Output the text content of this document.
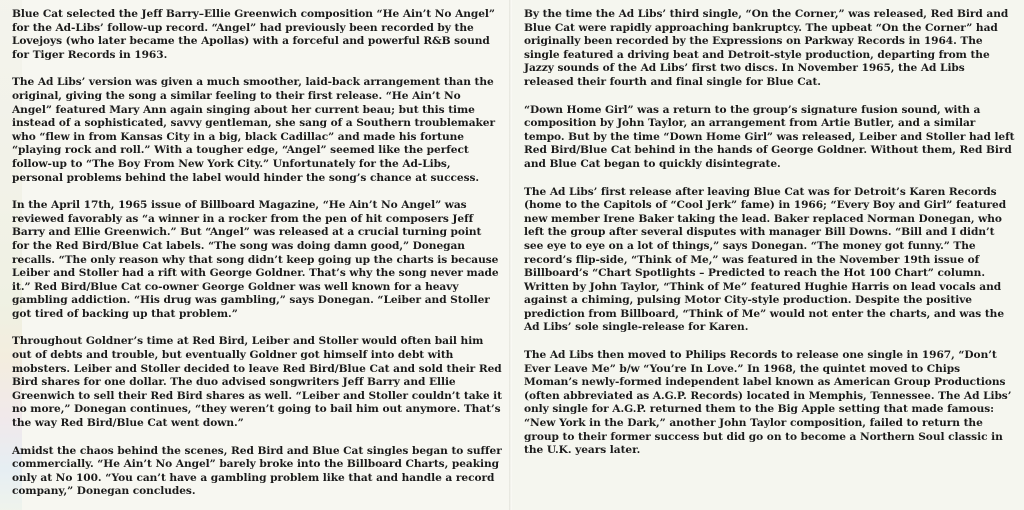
Blue Cat selected the Jeff Barry–Ellie Greenwich composition “He Ain’t No Angel” for the Ad-Libs’ follow-up record. “Angel” had previously been recorded by the Lovejoys (who later became the Apollas) with a forceful and powerful R&B sound for Tiger Records in 1963.

The Ad Libs’ version was given a much smoother, laid-back arrangement than the original, giving the song a similar feeling to their first release. “He Ain’t No Angel” featured Mary Ann again singing about her current beau; but this time instead of a sophisticated, savvy gentleman, she sang of a Southern troublemaker who “flew in from Kansas City in a big, black Cadillac” and made his fortune “playing rock and roll.” With a tougher edge, “Angel” seemed like the perfect follow-up to “The Boy From New York City.” Unfortunately for the Ad-Libs, personal problems behind the label would hinder the song’s chance at success.

In the April 17th, 1965 issue of Billboard Magazine, “He Ain’t No Angel” was reviewed favorably as “a winner in a rocker from the pen of hit composers Jeff Barry and Ellie Greenwich.” But “Angel” was released at a crucial turning point for the Red Bird/Blue Cat labels. “The song was doing damn good,” Donegan recalls. “The only reason why that song didn’t keep going up the charts is because Leiber and Stoller had a rift with George Goldner. That’s why the song never made it.” Red Bird/Blue Cat co-owner George Goldner was well known for a heavy gambling addiction. “His drug was gambling,” says Donegan. “Leiber and Stoller got tired of backing up that problem.”

Throughout Goldner’s time at Red Bird, Leiber and Stoller would often bail him out of debts and trouble, but eventually Goldner got himself into debt with mobsters. Leiber and Stoller decided to leave Red Bird/Blue Cat and sold their Red Bird shares for one dollar. The duo advised songwriters Jeff Barry and Ellie Greenwich to sell their Red Bird shares as well. “Leiber and Stoller couldn’t take it no more,” Donegan continues, “they weren’t going to bail him out anymore. That’s the way Red Bird/Blue Cat went down.”

Amidst the chaos behind the scenes, Red Bird and Blue Cat singles began to suffer commercially. “He Ain’t No Angel” barely broke into the Billboard Charts, peaking only at No 100. “You can’t have a gambling problem like that and handle a record company,” Donegan concludes.

By the time the Ad Libs’ third single, “On the Corner,” was released, Red Bird and Blue Cat were rapidly approaching bankruptcy. The upbeat “On the Corner” had originally been recorded by the Expressions on Parkway Records in 1964. The single featured a driving beat and Detroit-style production, departing from the Jazzy sounds of the Ad Libs’ first two discs. In November 1965, the Ad Libs released their fourth and final single for Blue Cat.

“Down Home Girl” was a return to the group’s signature fusion sound, with a composition by John Taylor, an arrangement from Artie Butler, and a similar tempo. But by the time “Down Home Girl” was released, Leiber and Stoller had left Red Bird/Blue Cat behind in the hands of George Goldner. Without them, Red Bird and Blue Cat began to quickly disintegrate.

The Ad Libs’ first release after leaving Blue Cat was for Detroit’s Karen Records (home to the Capitols of “Cool Jerk” fame) in 1966; “Every Boy and Girl” featured new member Irene Baker taking the lead. Baker replaced Norman Donegan, who left the group after several disputes with manager Bill Downs. “Bill and I didn’t see eye to eye on a lot of things,” says Donegan. “The money got funny.” The record’s flip-side, “Think of Me,” was featured in the November 19th issue of Billboard’s “Chart Spotlights – Predicted to reach the Hot 100 Chart” column. Written by John Taylor, “Think of Me” featured Hughie Harris on lead vocals and against a chiming, pulsing Motor City-style production. Despite the positive prediction from Billboard, “Think of Me” would not enter the charts, and was the Ad Libs’ sole single-release for Karen.

The Ad Libs then moved to Philips Records to release one single in 1967, “Don’t Ever Leave Me” b/w “You’re In Love.” In 1968, the quintet moved to Chips Moman’s newly-formed independent label known as American Group Productions (often abbreviated as A.G.P. Records) located in Memphis, Tennessee. The Ad Libs’ only single for A.G.P. returned them to the Big Apple setting that made famous: “New York in the Dark,” another John Taylor composition, failed to return the group to their former success but did go on to become a Northern Soul classic in the U.K. years later.
